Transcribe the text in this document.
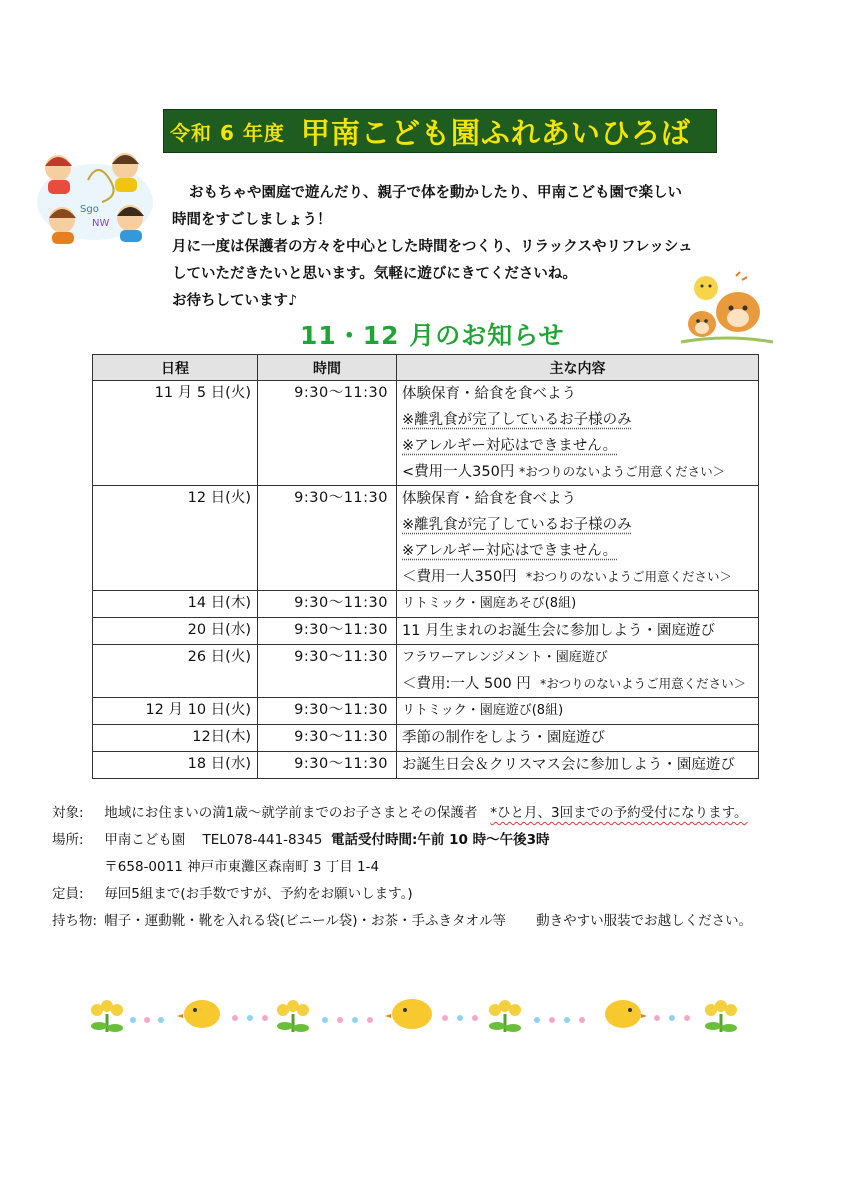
令和 6 年度 甲南こども園ふれあいひろば
Sgo
NW

おもちゃや園庭で遊んだり、親子で体を動かしたり、甲南こども園で楽しい

時間をすごしましょう！

月に一度は保護者の方々を中心とした時間をつくり、リラックスやリフレッシュ

していただきたいと思います。気軽に遊びにきてくださいね。

お待ちしています♪

11・12 月のお知らせ
日程	時間	主な内容
11 月 5 日(火)	9:30～11:30	体験保育・給食を食べよう
※離乳食が完了しているお子様のみ
※アレルギー対応はできません。
<費用一人350円 *おつりのないようご用意ください＞

12 日(火)	9:30～11:30	体験保育・給食を食べよう
※離乳食が完了しているお子様のみ
※アレルギー対応はできません。
＜費用一人350円 *おつりのないようご用意ください＞

14 日(木)	9:30～11:30	リトミック・園庭あそび(8組)

20 日(水)	9:30～11:30	11 月生まれのお誕生会に参加しよう・園庭遊び

26 日(火)	9:30～11:30	フラワーアレンジメント・園庭遊び
＜費用:一人 500 円 *おつりのないようご用意ください＞

12 月 10 日(火)	9:30～11:30	リトミック・園庭遊び(8組)

12日(木)	9:30～11:30	季節の制作をしよう・園庭遊び

18 日(水)	9:30～11:30	お誕生日会＆クリスマス会に参加しよう・園庭遊び
対象: 地域にお住まいの満1歳～就学前までのお子さまとその保護者 *ひと月、3回までの予約受付になります。
場所: 甲南こども園 TEL078-441-8345 電話受付時間:午前 10 時～午後3時
〒658-0011 神戸市東灘区森南町 3 丁目 1-4
定員: 毎回5組まで(お手数ですが、予約をお願いします。)
持ち物: 帽子・運動靴・靴を入れる袋(ビニール袋)・お茶・手ふきタオル等 動きやすい服装でお越しください。
